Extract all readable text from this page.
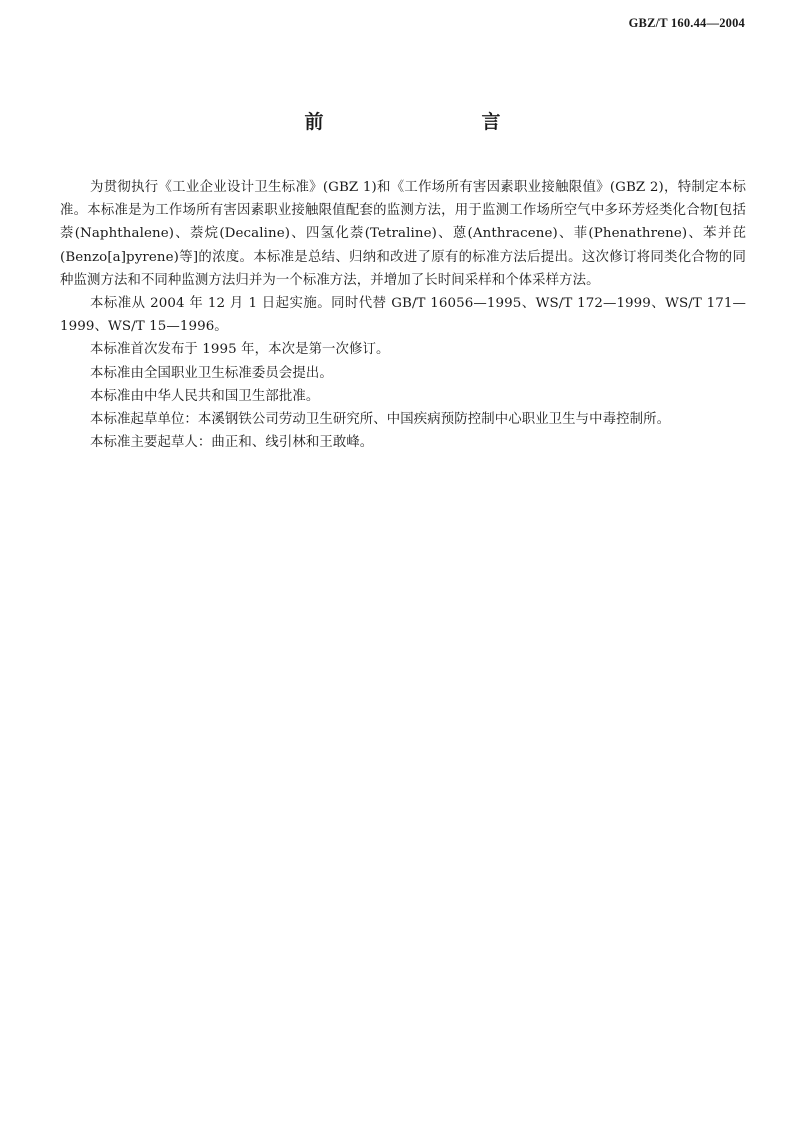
GBZ/T 160.44—2004
前　　言

为贯彻执行《工业企业设计卫生标准》(GBZ 1)和《工作场所有害因素职业接触限值》(GBZ 2)，特制定本标准。本标准是为工作场所有害因素职业接触限值配套的监测方法，用于监测工作场所空气中多环芳烃类化合物[包括萘(Naphthalene)、萘烷(Decaline)、四氢化萘(Tetraline)、蒽(Anthracene)、菲(Phenathrene)、苯并芘(Benzo[a]pyrene)等]的浓度。本标准是总结、归纳和改进了原有的标准方法后提出。这次修订将同类化合物的同种监测方法和不同种监测方法归并为一个标准方法，并增加了长时间采样和个体采样方法。

本标准从 2004 年 12 月 1 日起实施。同时代替 GB/T 16056—1995、WS/T 172—1999、WS/T 171—1999、WS/T 15—1996。

本标准首次发布于 1995 年，本次是第一次修订。

本标准由全国职业卫生标准委员会提出。

本标准由中华人民共和国卫生部批准。

本标准起草单位：本溪钢铁公司劳动卫生研究所、中国疾病预防控制中心职业卫生与中毒控制所。

本标准主要起草人：曲正和、线引林和王敢峰。
